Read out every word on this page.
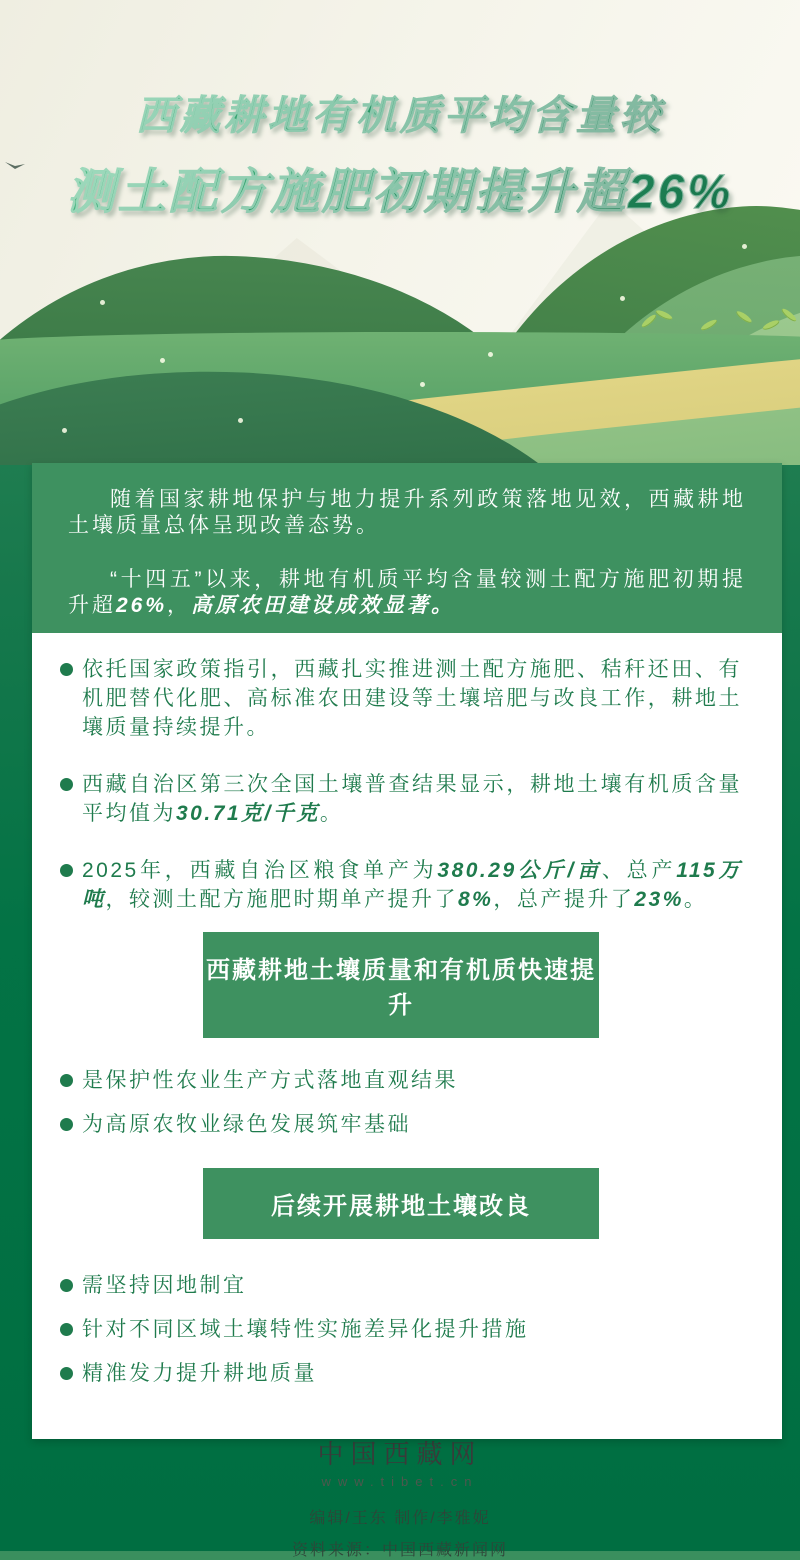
西藏耕地有机质平均含量较
测土配方施肥初期提升超26%

随着国家耕地保护与地力提升系列政策落地见效，西藏耕地土壤质量总体呈现改善态势。

“十四五”以来，耕地有机质平均含量较测土配方施肥初期提升超26%，高原农田建设成效显著。

依托国家政策指引，西藏扎实推进测土配方施肥、秸秆还田、有机肥替代化肥、高标准农田建设等土壤培肥与改良工作，耕地土壤质量持续提升。
西藏自治区第三次全国土壤普查结果显示，耕地土壤有机质含量平均值为30.71克/千克。
2025年，西藏自治区粮食单产为380.29公斤/亩、总产115万吨，较测土配方施肥时期单产提升了8%，总产提升了23%。
西藏耕地土壤质量和有机质快速提升
是保护性农业生产方式落地直观结果
为高原农牧业绿色发展筑牢基础
后续开展耕地土壤改良
需坚持因地制宜
针对不同区域土壤特性实施差异化提升措施
精准发力提升耕地质量
中国西藏网
www.tibet.cn
编辑/王东 制作/李雅妮
资料来源：中国西藏新闻网
